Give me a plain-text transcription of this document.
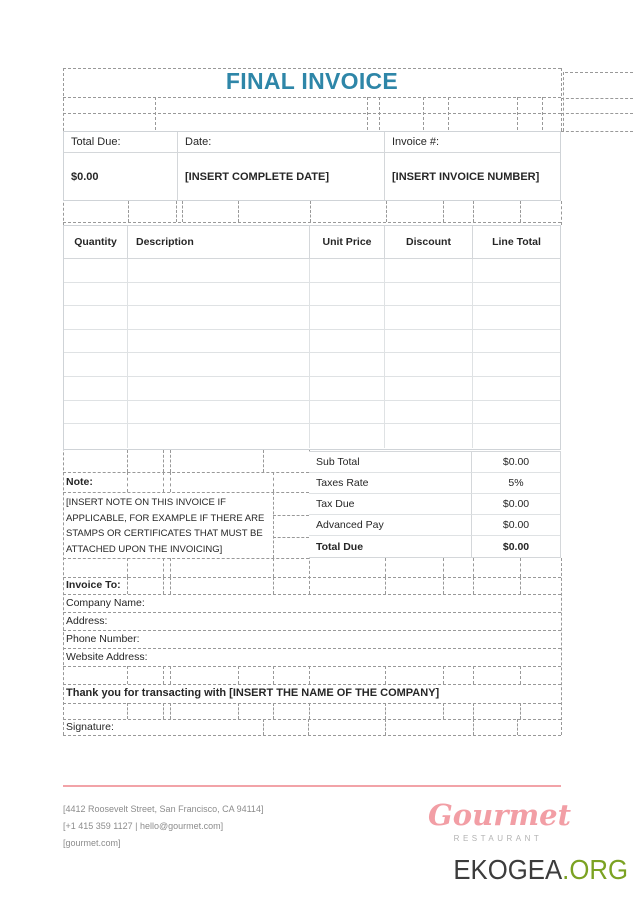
FINAL INVOICE
Total Due:	Date:	Invoice #:
$0.00	[INSERT COMPLETE DATE]	[INSERT INVOICE NUMBER]
Quantity	Description	Unit Price	Discount	Line Total
Note:
[INSERT NOTE ON THIS INVOICE IF
APPLICABLE, FOR EXAMPLE IF THERE ARE
STAMPS OR CERTIFICATES THAT MUST BE
ATTACHED UPON THE INVOICING]
Sub Total	$0.00
Taxes Rate	5%
Tax Due	$0.00
Advanced Pay	$0.00
Total Due	$0.00
Invoice To:
Company Name:
Address:
Phone Number:
Website Address:
Thank you for transacting with [INSERT THE NAME OF THE COMPANY]
Signature:
[4412 Roosevelt Street, San Francisco, CA 94114]
[+1 415 359 1127 | hello@gourmet.com]
[gourmet.com]
Gourmet
RESTAURANT
EKOGEA.ORG
